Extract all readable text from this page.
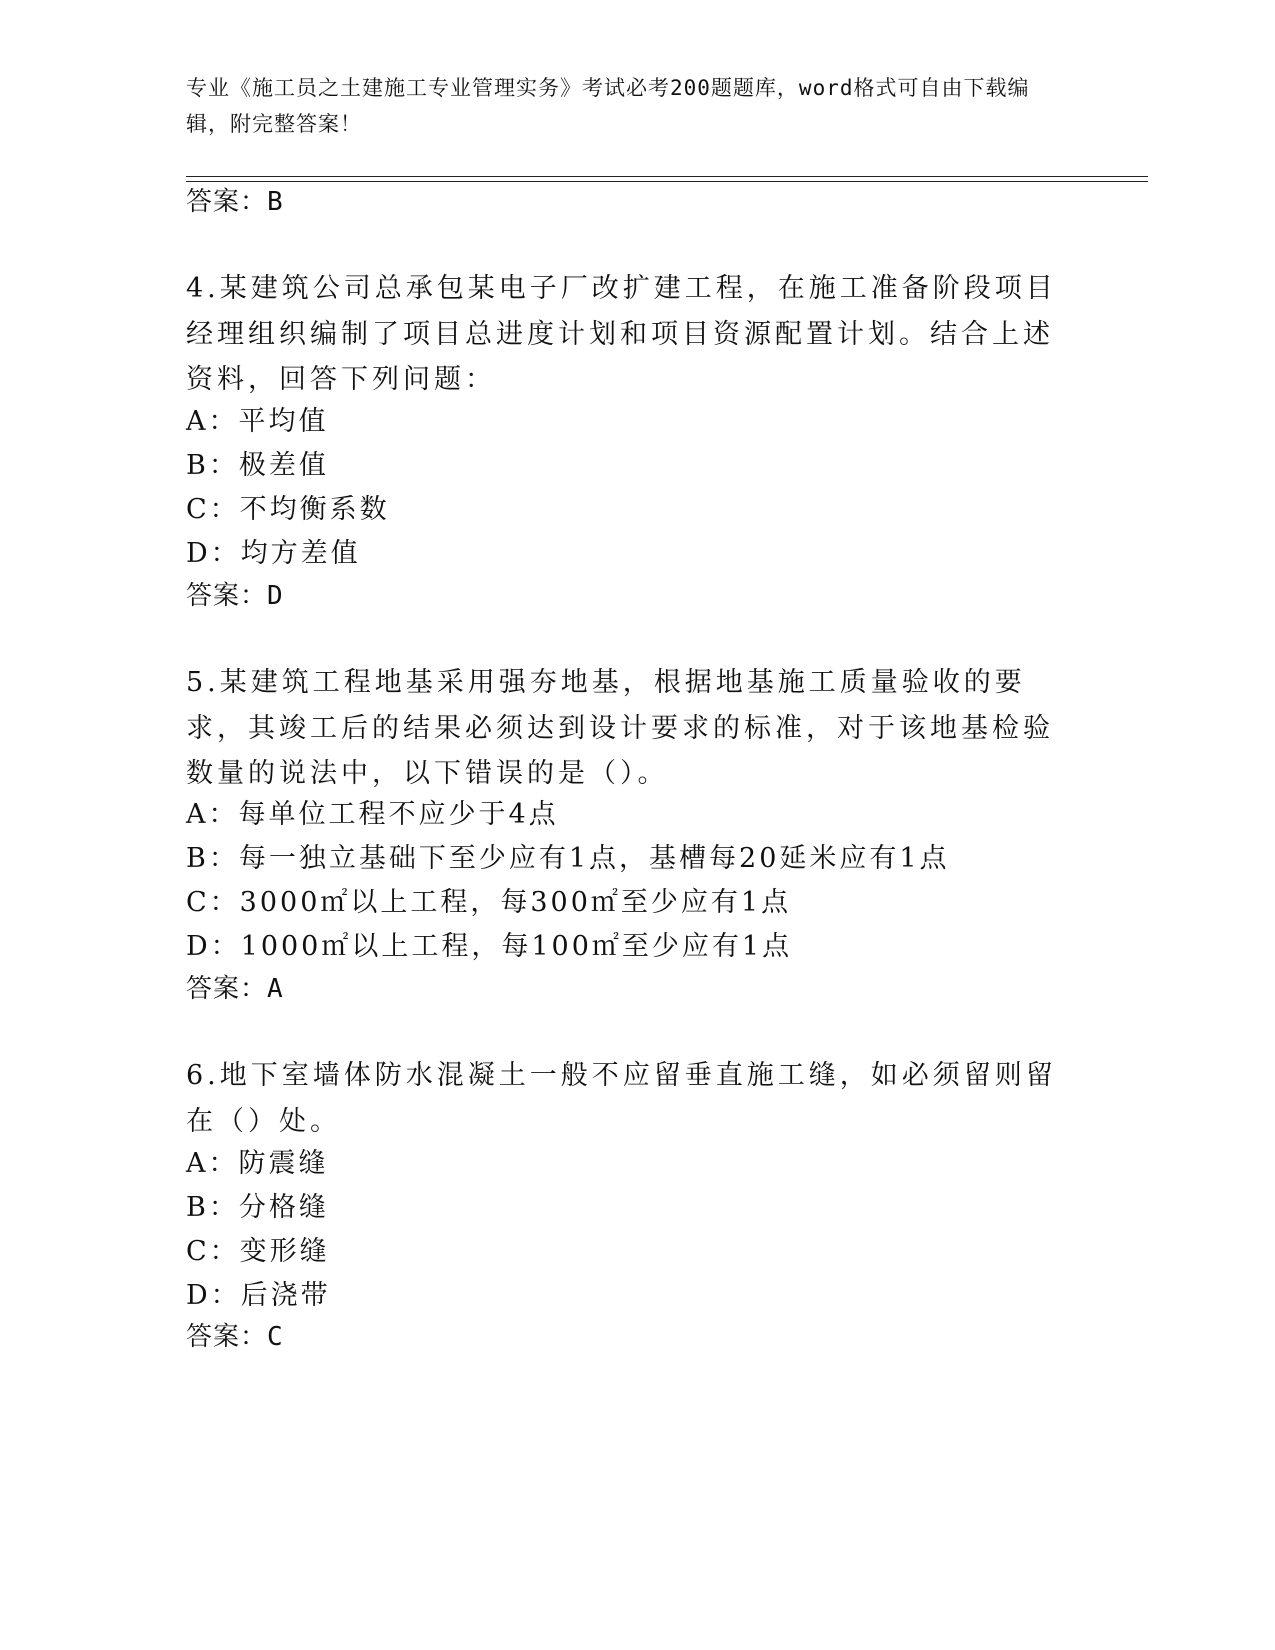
专业《施工员之土建施工专业管理实务》考试必考200题题库，word格式可自由下载编辑，附完整答案！
答案：B
4.某建筑公司总承包某电子厂改扩建工程，在施工准备阶段项目经理组织编制了项目总进度计划和项目资源配置计划。结合上述资料，回答下列问题：
A：平均值
B：极差值
C：不均衡系数
D：均方差值
答案：D
5.某建筑工程地基采用强夯地基，根据地基施工质量验收的要求，其竣工后的结果必须达到设计要求的标准，对于该地基检验数量的说法中，以下错误的是（）。
A：每单位工程不应少于4点
B：每一独立基础下至少应有1点，基槽每20延米应有1点
C：3000㎡以上工程，每300㎡至少应有1点
D：1000㎡以上工程，每100㎡至少应有1点
答案：A
6.地下室墙体防水混凝土一般不应留垂直施工缝，如必须留则留在（）处。
A：防震缝
B：分格缝
C：变形缝
D：后浇带
答案：C
